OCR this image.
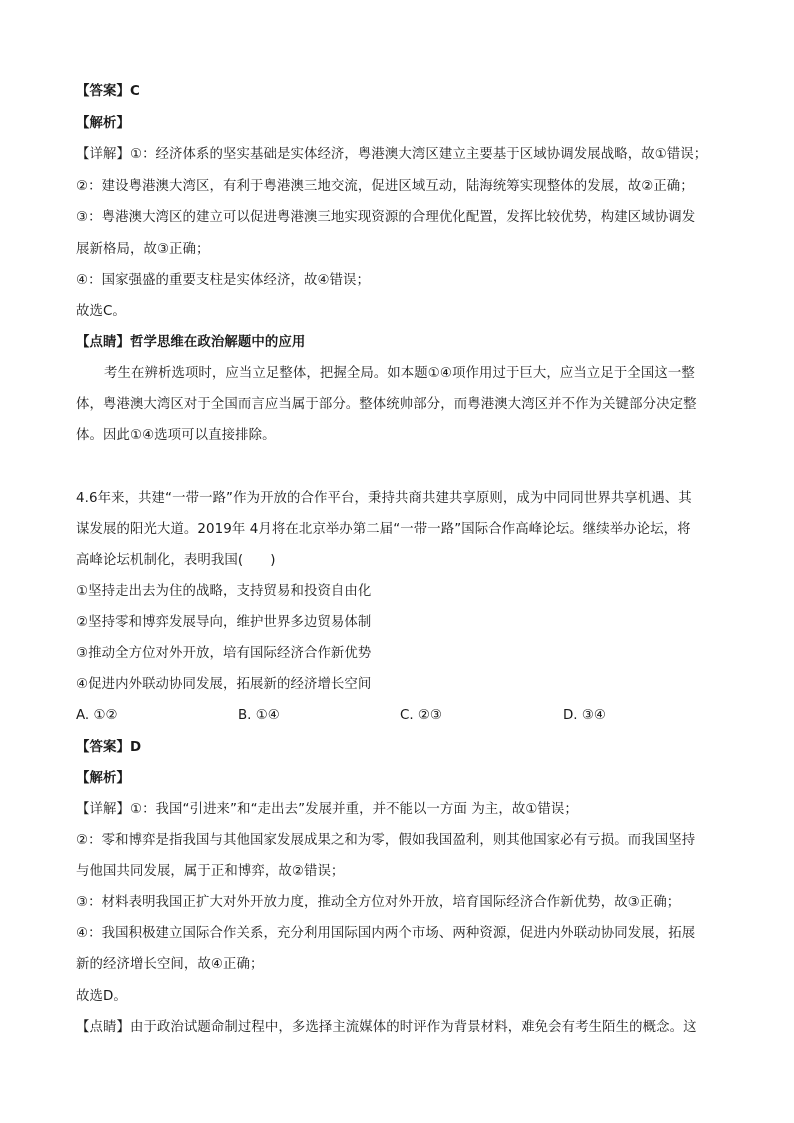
【答案】C
【解析】
【详解】①：经济体系的坚实基础是实体经济，粤港澳大湾区建立主要基于区域协调发展战略，故①错误；
②：建设粤港澳大湾区，有利于粤港澳三地交流，促进区域互动，陆海统筹实现整体的发展，故②正确；
③：粤港澳大湾区的建立可以促进粤港澳三地实现资源的合理优化配置，发挥比较优势，构建区域协调发
展新格局，故③正确；
④：国家强盛的重要支柱是实体经济，故④错误；
故选C。
【点睛】哲学思维在政治解题中的应用
考生在辨析选项时，应当立足整体，把握全局。如本题①④项作用过于巨大，应当立足于全国这一整
体，粤港澳大湾区对于全国而言应当属于部分。整体统帅部分，而粤港澳大湾区并不作为关键部分决定整
体。因此①④选项可以直接排除。
4.6年来，共建“一带一路”作为开放的合作平台，秉持共商共建共享原则，成为中同同世界共享机遇、其
谋发展的阳光大道。2019年 4月将在北京举办第二届“一带一路”国际合作高峰论坛。继续举办论坛，将
高峰论坛机制化，表明我国(　　)
①坚持走出去为住的战略，支持贸易和投资自由化
②坚持零和博弈发展导向，维护世界多边贸易体制
③推动全方位对外开放，培有国际经济合作新优势
④促进内外联动协同发展，拓展新的经济增长空间
A. ①②	B. ①④	C. ②③	D. ③④
【答案】D
【解析】
【详解】①：我国“引进来”和“走出去”发展并重，并不能以一方面 为主，故①错误；
②：零和博弈是指我国与其他国家发展成果之和为零，假如我国盈利，则其他国家必有亏损。而我国坚持
与他国共同发展，属于正和博弈，故②错误；
③：材料表明我国正扩大对外开放力度，推动全方位对外开放，培育国际经济合作新优势，故③正确；
④：我国积极建立国际合作关系，充分利用国际国内两个市场、两种资源，促进内外联动协同发展，拓展
新的经济增长空间，故④正确；
故选D。
【点睛】由于政治试题命制过程中，多选择主流媒体的时评作为背景材料，难免会有考生陌生的概念。这
